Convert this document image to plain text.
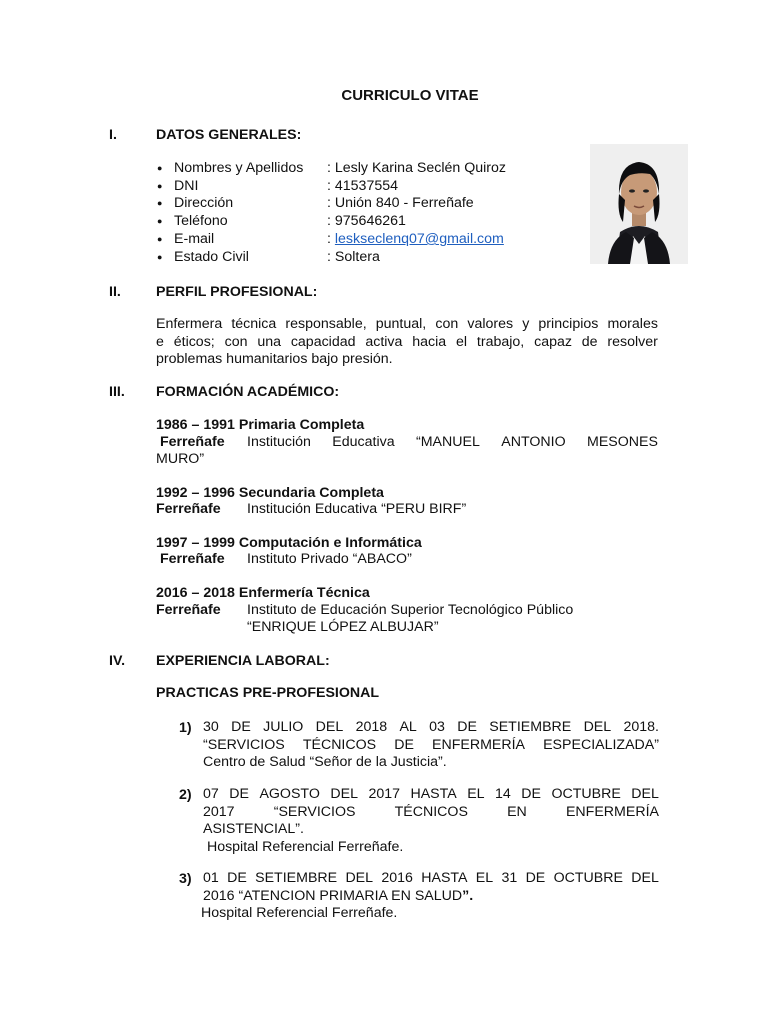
CURRICULO VITAE
I.	DATOS GENERALES:
● Nombres y Apellidos : Lesly Karina Seclén Quiroz
● DNI	: 41537554
● Dirección	: Unión 840 - Ferreñafe
● Teléfono	: 975646261
● E-mail	: leskseclenq07@gmail.com
● Estado Civil	: Soltera
II. PERFIL PROFESIONAL:
Enfermera técnica responsable, puntual, con valores y principios morales
e éticos; con una capacidad activa hacia el trabajo, capaz de resolver
problemas humanitarios bajo presión.
III. FORMACIÓN ACADÉMICO:
1986 – 1991 Primaria Completa
Ferreñafe Institución Educativa “MANUEL ANTONIO MESONES
MURO”
1992 – 1996 Secundaria Completa
Ferreñafe Institución Educativa “PERU BIRF”
1997 – 1999 Computación e Informática
Ferreñafe Instituto Privado “ABACO”
2016 – 2018 Enfermería Técnica
Ferreñafe Instituto de Educación Superior Tecnológico Público
“ENRIQUE LÓPEZ ALBUJAR”
IV. EXPERIENCIA LABORAL:
PRACTICAS PRE-PROFESIONAL
1) 30 DE JULIO DEL 2018 AL 03 DE SETIEMBRE DEL 2018.
“SERVICIOS TÉCNICOS DE ENFERMERÍA ESPECIALIZADA”
Centro de Salud “Señor de la Justicia”.
2) 07 DE AGOSTO DEL 2017 HASTA EL 14 DE OCTUBRE DEL
2017	“SERVICIOS	TÉCNICOS	EN	ENFERMERÍA
ASISTENCIAL”.
Hospital Referencial Ferreñafe.
3) 01 DE SETIEMBRE DEL 2016 HASTA EL 31 DE OCTUBRE DEL
2016 “ATENCION PRIMARIA EN SALUD”.
Hospital Referencial Ferreñafe.
